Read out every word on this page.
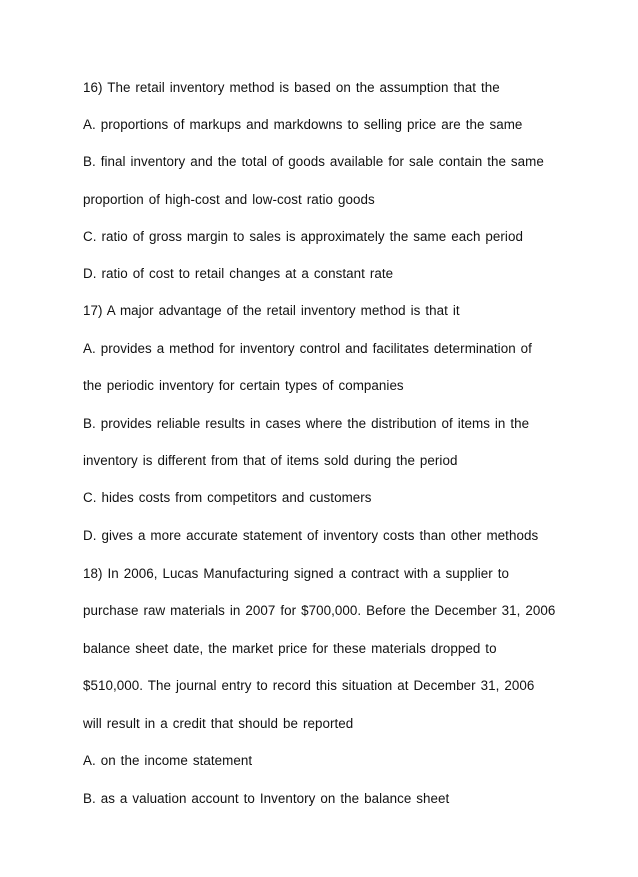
16) The retail inventory method is based on the assumption that the
A. proportions of markups and markdowns to selling price are the same
B. final inventory and the total of goods available for sale contain the same
proportion of high-cost and low-cost ratio goods
C. ratio of gross margin to sales is approximately the same each period
D. ratio of cost to retail changes at a constant rate
17) A major advantage of the retail inventory method is that it
A. provides a method for inventory control and facilitates determination of
the periodic inventory for certain types of companies
B. provides reliable results in cases where the distribution of items in the
inventory is different from that of items sold during the period
C. hides costs from competitors and customers
D. gives a more accurate statement of inventory costs than other methods
18) In 2006, Lucas Manufacturing signed a contract with a supplier to
purchase raw materials in 2007 for $700,000. Before the December 31, 2006
balance sheet date, the market price for these materials dropped to
$510,000. The journal entry to record this situation at December 31, 2006
will result in a credit that should be reported
A. on the income statement
B. as a valuation account to Inventory on the balance sheet
